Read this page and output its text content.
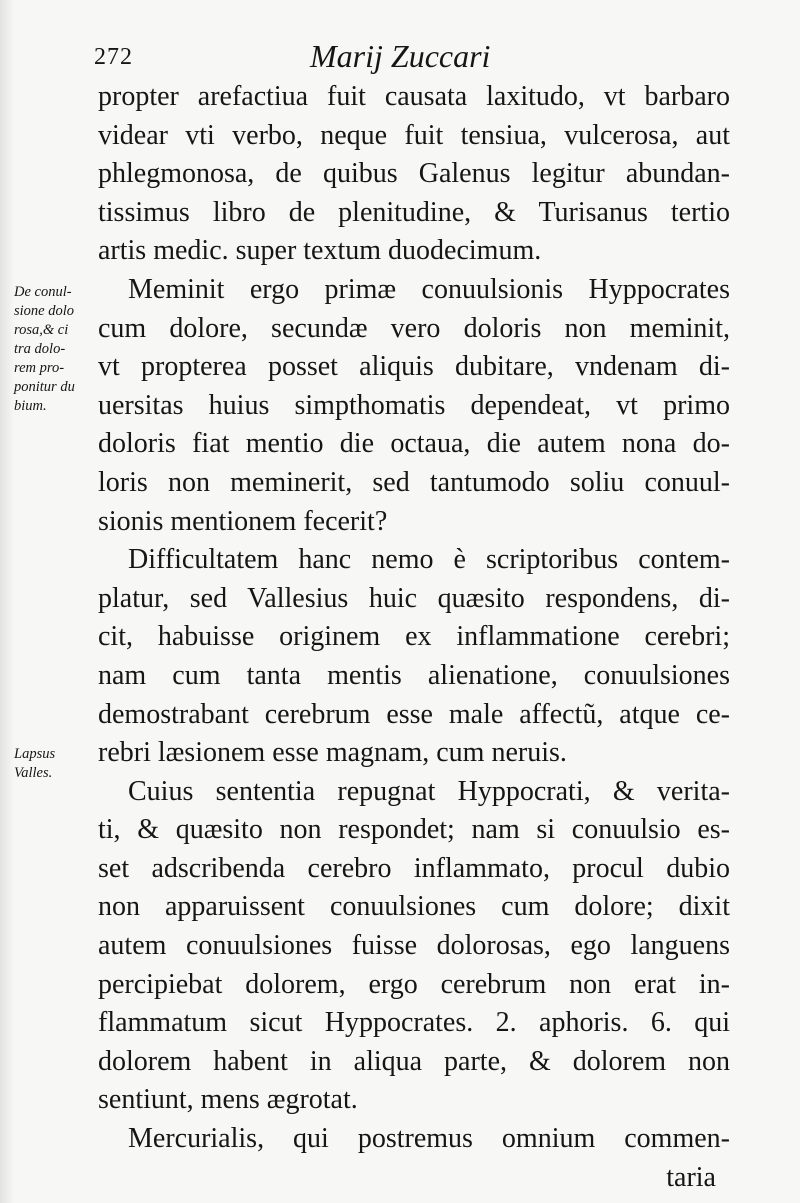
272	Marij Zuccari
De conul-
sione dolo
rosa,& ci
tra dolo-
rem pro-
ponitur du
bium.
Lapsus
Valles.
propter arefactiua fuit causata laxitudo, vt barbaro
videar vti verbo, neque fuit tensiua, vulcerosa, aut
phlegmonosa, de quibus Galenus legitur abundan-
tissimus libro de plenitudine, & Turisanus tertio
artis medic. super textum duodecimum.
Meminit ergo primæ conuulsionis Hyppocrates
cum dolore, secundæ vero doloris non meminit,
vt propterea posset aliquis dubitare, vndenam di-
uersitas huius simpthomatis dependeat, vt primo
doloris fiat mentio die octaua, die autem nona do-
loris non meminerit, sed tantumodo soliu conuul-
sionis mentionem fecerit?
Difficultatem hanc nemo è scriptoribus contem-
platur, sed Vallesius huic quæsito respondens, di-
cit, habuisse originem ex inflammatione cerebri;
nam cum tanta mentis alienatione, conuulsiones
demostrabant cerebrum esse male affectũ, atque ce-
rebri læsionem esse magnam, cum neruis.
Cuius sententia repugnat Hyppocrati, & verita-
ti, & quæsito non respondet; nam si conuulsio es-
set adscribenda cerebro inflammato, procul dubio
non apparuissent conuulsiones cum dolore; dixit
autem conuulsiones fuisse dolorosas, ego languens
percipiebat dolorem, ergo cerebrum non erat in-
flammatum sicut Hyppocrates. 2. aphoris. 6. qui
dolorem habent in aliqua parte, & dolorem non
sentiunt, mens ægrotat.
Mercurialis, qui postremus omnium commen-
taria
